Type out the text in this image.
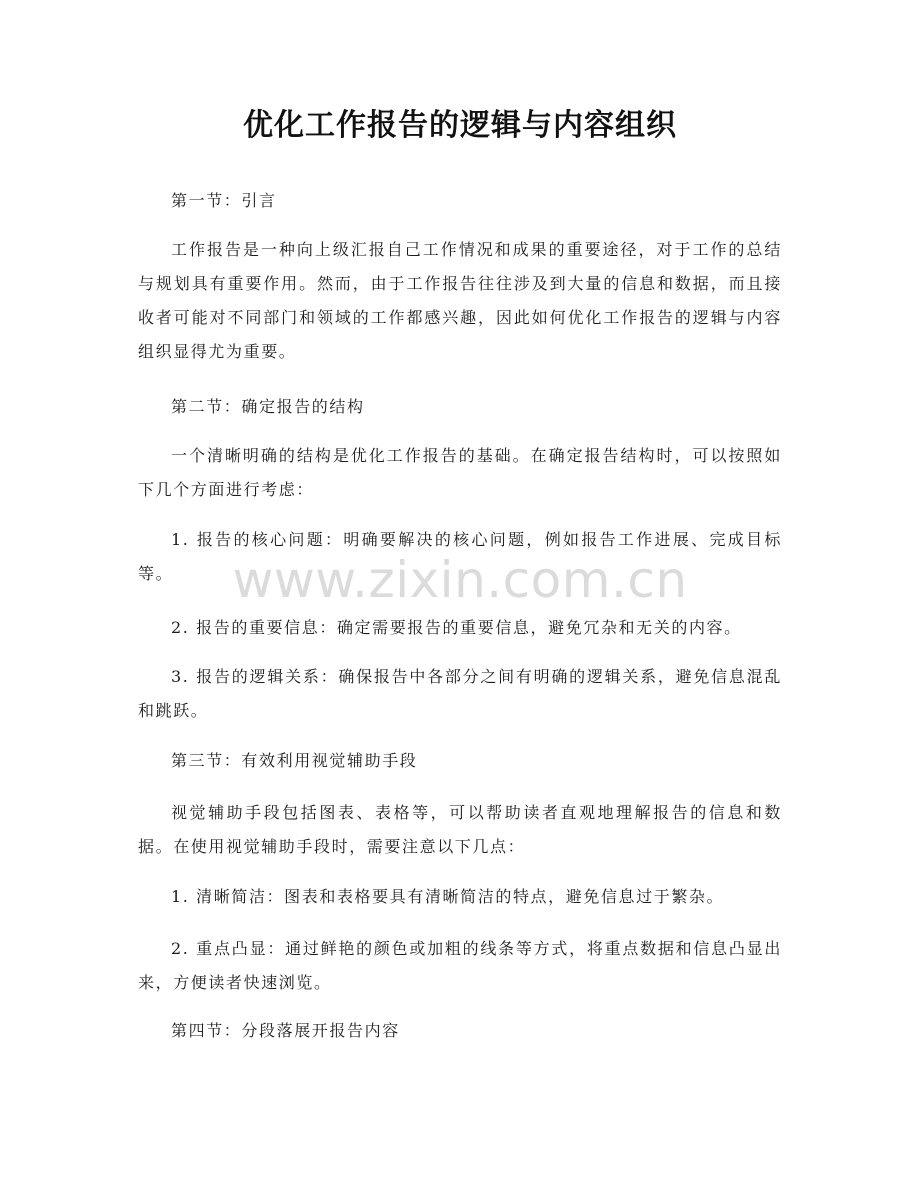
优化工作报告的逻辑与内容组织
第一节：引言

工作报告是一种向上级汇报自己工作情况和成果的重要途径，对于工作的总结与规划具有重要作用。然而，由于工作报告往往涉及到大量的信息和数据，而且接收者可能对不同部门和领域的工作都感兴趣，因此如何优化工作报告的逻辑与内容组织显得尤为重要。

第二节：确定报告的结构

一个清晰明确的结构是优化工作报告的基础。在确定报告结构时，可以按照如下几个方面进行考虑：

1. 报告的核心问题：明确要解决的核心问题，例如报告工作进展、完成目标等。

2. 报告的重要信息：确定需要报告的重要信息，避免冗杂和无关的内容。

3. 报告的逻辑关系：确保报告中各部分之间有明确的逻辑关系，避免信息混乱和跳跃。

第三节：有效利用视觉辅助手段

视觉辅助手段包括图表、表格等，可以帮助读者直观地理解报告的信息和数据。在使用视觉辅助手段时，需要注意以下几点：

1. 清晰简洁：图表和表格要具有清晰简洁的特点，避免信息过于繁杂。

2. 重点凸显：通过鲜艳的颜色或加粗的线条等方式，将重点数据和信息凸显出来，方便读者快速浏览。

第四节：分段落展开报告内容
www.zixin.com.cn
